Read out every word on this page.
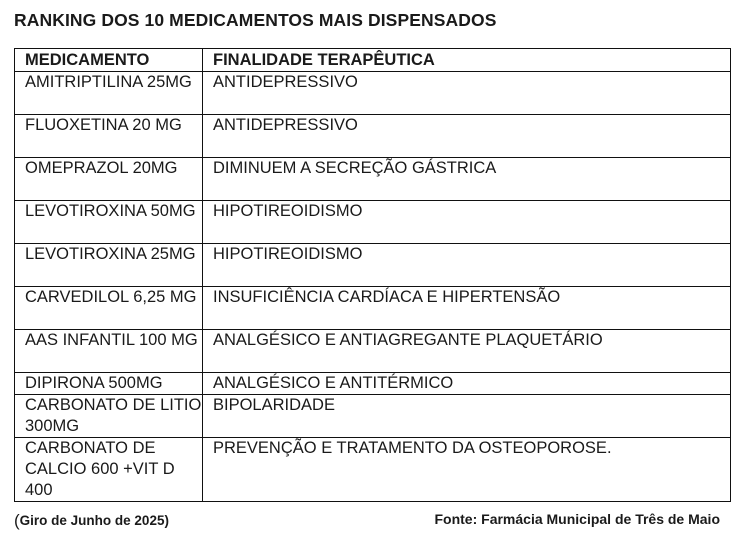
RANKING DOS 10 MEDICAMENTOS MAIS DISPENSADOS
MEDICAMENTO	FINALIDADE TERAPÊUTICA
AMITRIPTILINA 25MG	ANTIDEPRESSIVO
FLUOXETINA 20 MG	ANTIDEPRESSIVO
OMEPRAZOL 20MG	DIMINUEM A SECREÇÃO GÁSTRICA
LEVOTIROXINA 50MG	HIPOTIREOIDISMO
LEVOTIROXINA 25MG	HIPOTIREOIDISMO
CARVEDILOL 6,25 MG	INSUFICIÊNCIA CARDÍACA E HIPERTENSÃO
AAS INFANTIL 100 MG	ANALGÉSICO E ANTIAGREGANTE PLAQUETÁRIO
DIPIRONA 500MG	ANALGÉSICO E ANTITÉRMICO
CARBONATO DE LITIO 300MG	BIPOLARIDADE
CARBONATO DE CALCIO 600 +VIT D 400	PREVENÇÃO E TRATAMENTO DA OSTEOPOROSE.
(Giro de Junho de 2025)	Fonte: Farmácia Municipal de Três de Maio
